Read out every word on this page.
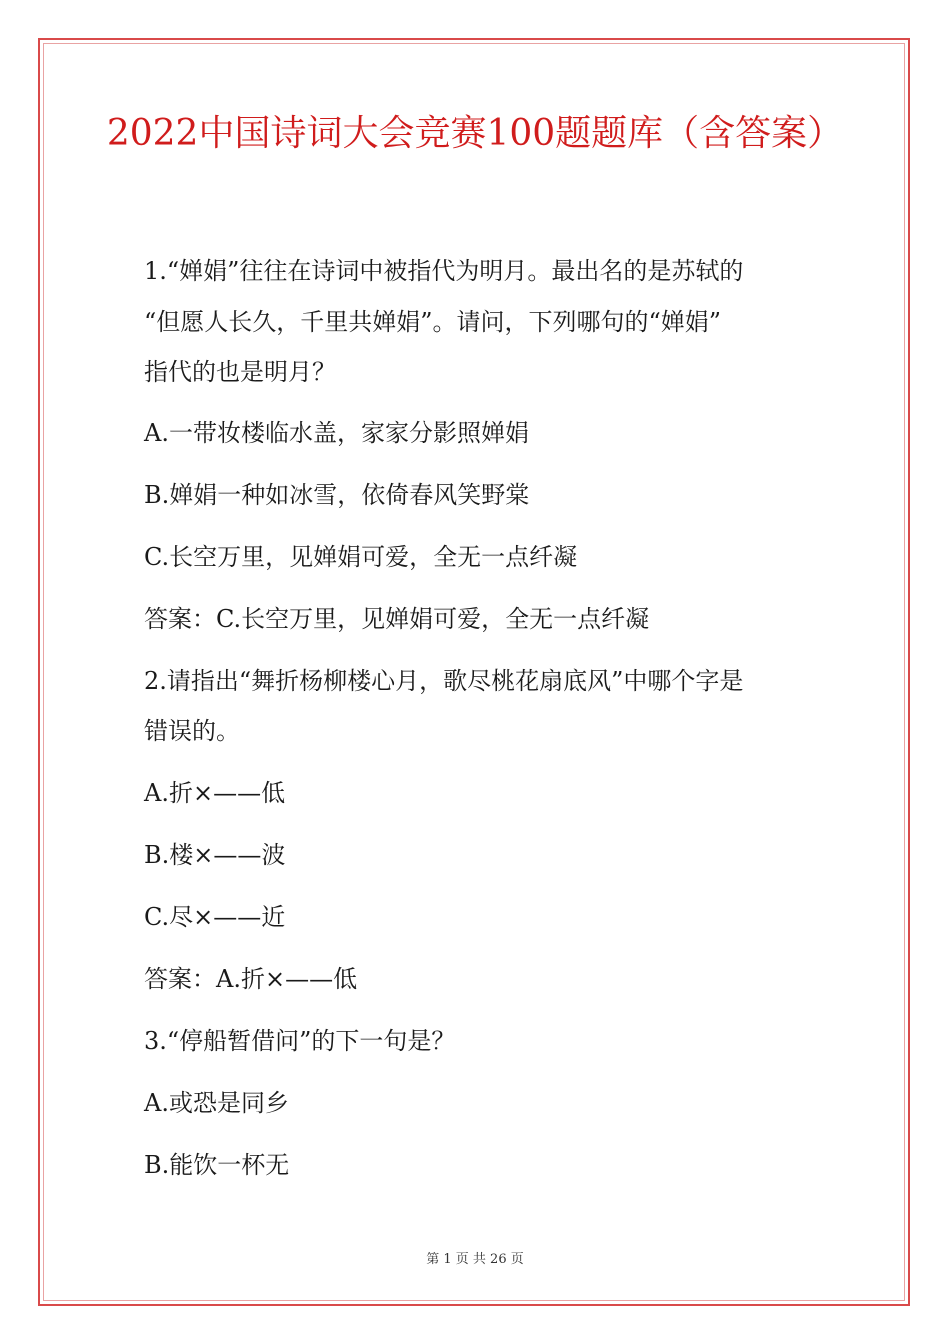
2022中国诗词大会竞赛100题题库（含答案）
1.“婵娟”往往在诗词中被指代为明月。最出名的是苏轼的
“但愿人长久，千里共婵娟”。请问，下列哪句的“婵娟”
指代的也是明月？
A.一带妆楼临水盖，家家分影照婵娟
B.婵娟一种如冰雪，依倚春风笑野棠
C.长空万里，见婵娟可爱，全无一点纤凝
答案：C.长空万里，见婵娟可爱，全无一点纤凝
2.请指出“舞折杨柳楼心月，歌尽桃花扇底风”中哪个字是
错误的。
A.折×——低
B.楼×——波
C.尽×——近
答案：A.折×——低
3.“停船暂借问”的下一句是？
A.或恐是同乡
B.能饮一杯无
第 1 页 共 26 页
